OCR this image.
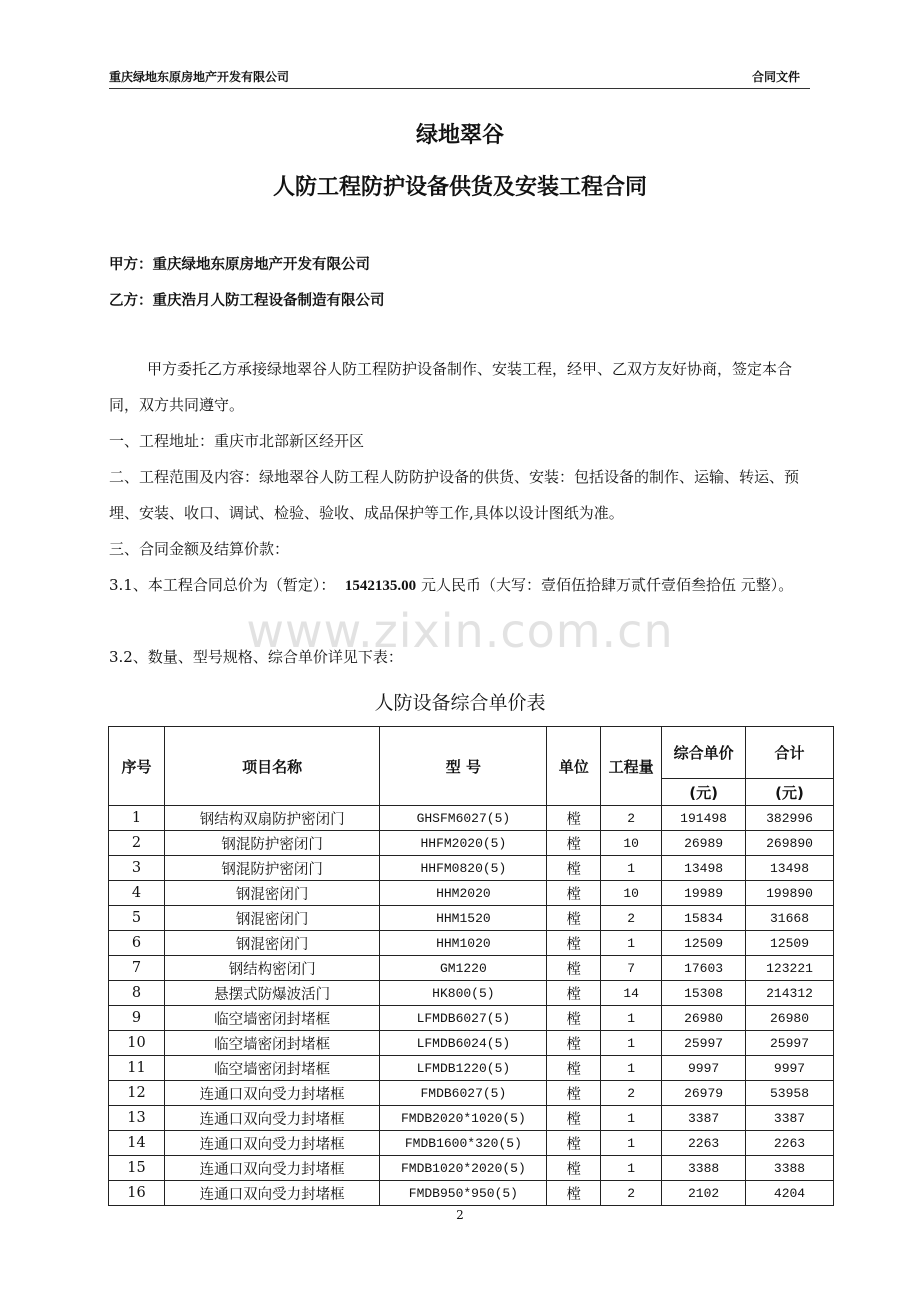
重庆绿地东原房地产开发有限公司	合同文件
绿地翠谷
人防工程防护设备供货及安装工程合同
甲方：重庆绿地东原房地产开发有限公司
乙方：重庆浩月人防工程设备制造有限公司
甲方委托乙方承接绿地翠谷人防工程防护设备制作、安装工程，经甲、乙双方友好协商，签定本合同，双方共同遵守。
一、工程地址：重庆市北部新区经开区
二、工程范围及内容：绿地翠谷人防工程人防防护设备的供货、安装：包括设备的制作、运输、转运、预埋、安装、收口、调试、检验、验收、成品保护等工作,具体以设计图纸为准。
三、合同金额及结算价款：
3.1、本工程合同总价为（暂定）： 1542135.00 元人民币（大写：壹佰伍拾肆万贰仟壹佰叁拾伍 元整）。
3.2、数量、型号规格、综合单价详见下表：
www.zixin.com.cn
人防设备综合单价表
序号	项目名称	型 号	单位	工程量	综合单价	合计
					(元)	(元)
1	钢结构双扇防护密闭门	GHSFM6027(5)	樘	2	191498	382996
2	钢混防护密闭门	HHFM2020(5)	樘	10	26989	269890
3	钢混防护密闭门	HHFM0820(5)	樘	1	13498	13498
4	钢混密闭门	HHM2020	樘	10	19989	199890
5	钢混密闭门	HHM1520	樘	2	15834	31668
6	钢混密闭门	HHM1020	樘	1	12509	12509
7	钢结构密闭门	GM1220	樘	7	17603	123221
8	悬摆式防爆波活门	HK800(5)	樘	14	15308	214312
9	临空墙密闭封堵框	LFMDB6027(5)	樘	1	26980	26980
10	临空墙密闭封堵框	LFMDB6024(5)	樘	1	25997	25997
11	临空墙密闭封堵框	LFMDB1220(5)	樘	1	9997	9997
12	连通口双向受力封堵框	FMDB6027(5)	樘	2	26979	53958
13	连通口双向受力封堵框	FMDB2020*1020(5)	樘	1	3387	3387
14	连通口双向受力封堵框	FMDB1600*320(5)	樘	1	2263	2263
15	连通口双向受力封堵框	FMDB1020*2020(5)	樘	1	3388	3388
16	连通口双向受力封堵框	FMDB950*950(5)	樘	2	2102	4204
2
